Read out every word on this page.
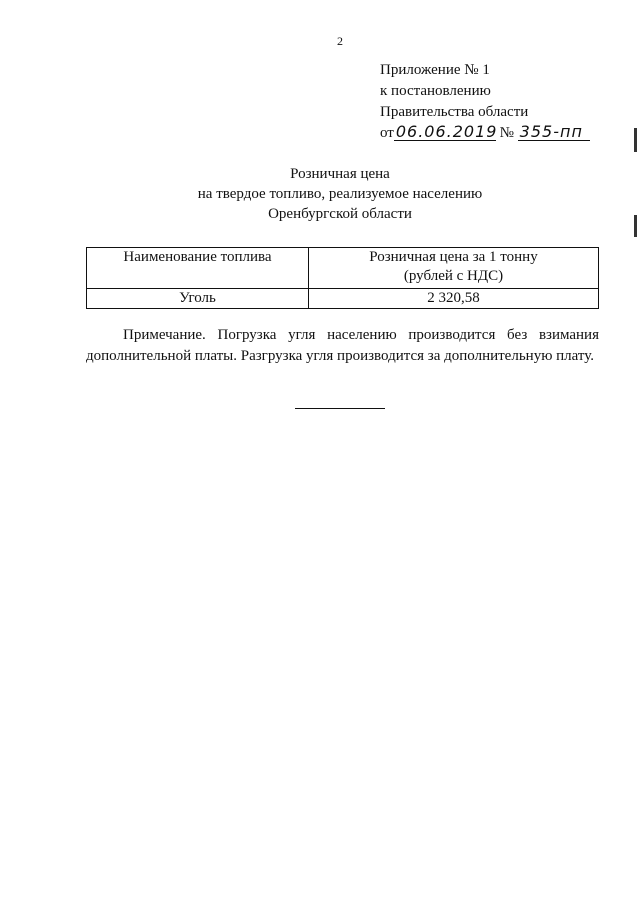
2
Приложение № 1
к постановлению
Правительства области
от 06.06.2019 № 355-пп
Розничная цена
на твердое топливо, реализуемое населению
Оренбургской области
Наименование топлива	Розничная цена за 1 тонну
(рублей с НДС)

Уголь	2 320,58
Примечание. Погрузка угля населению производится без взимания дополнительной платы. Разгрузка угля производится за дополнительную плату.
